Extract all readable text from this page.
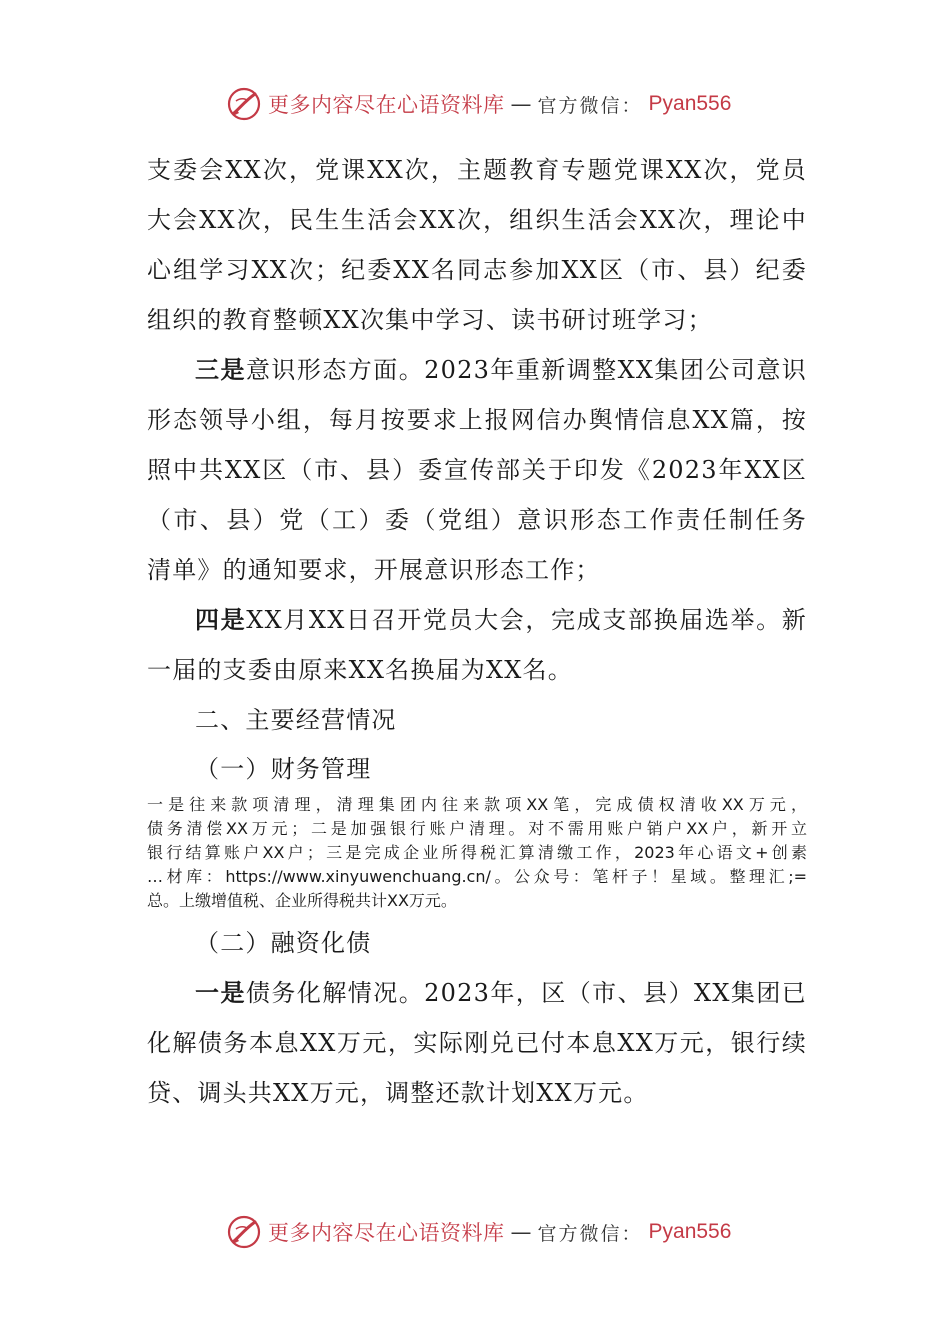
更多内容尽在心语资料库 — 官方微信： Pyan556
支委会XX次，党课XX次，主题教育专题党课XX次，党员
大会XX次，民生生活会XX次，组织生活会XX次，理论中
心组学习XX次；纪委XX名同志参加XX区（市、县）纪委
组织的教育整顿XX次集中学习、读书研讨班学习；
三是意识形态方面。2023年重新调整XX集团公司意识
形态领导小组，每月按要求上报网信办舆情信息XX篇，按
照中共XX区（市、县）委宣传部关于印发《2023年XX区
（市、县）党（工）委（党组）意识形态工作责任制任务
清单》的通知要求，开展意识形态工作；
四是XX月XX日召开党员大会，完成支部换届选举。新
一届的支委由原来XX名换届为XX名。
二、主要经营情况
（一）财务管理
一是往来款项清理，清理集团内往来款项XX笔，完成债权清收XX万元，
债务清偿XX万元；二是加强银行账户清理。对不需用账户销户XX户，新开立
银行结算账户XX户；三是完成企业所得税汇算清缴工作，2023年心语文+创素
…材库：https://www.xinyuwenchuang.cn/。公众号：笔杆子！星域。整理汇;=
总。上缴增值税、企业所得税共计XX万元。
（二）融资化债
一是债务化解情况。2023年，区（市、县）XX集团已
化解债务本息XX万元，实际刚兑已付本息XX万元，银行续
贷、调头共XX万元，调整还款计划XX万元。
更多内容尽在心语资料库 — 官方微信： Pyan556
